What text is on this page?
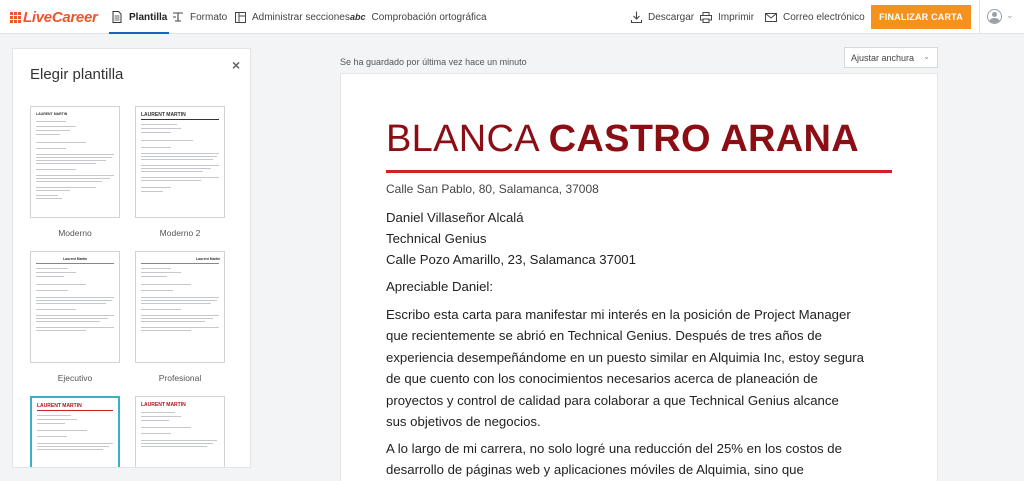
LiveCareer	Plantilla Formato Administrar secciones abc Comprobación ortográfica	Descargar Imprimir	Correo electrónico	FINALIZAR CARTA	⌄
Elegir plantilla
×
LAURENT MARTIN
Moderno
LAURENT MARTIN
Moderno 2
Laurent Martin
Ejecutivo
Laurent Martin
Profesional
LAURENT MARTIN	LAURENT MARTIN
Se ha guardado por última vez hace un minuto	Ajustar anchura ⌄
BLANCA CASTRO ARANA
Calle San Pablo, 80, Salamanca, 37008
Daniel Villaseñor Alcalá
Technical Genius
Calle Pozo Amarillo, 23, Salamanca 37001
Apreciable Daniel:

Escribo esta carta para manifestar mi interés en la posición de Project Manager

que recientemente se abrió en Technical Genius. Después de tres años de

experiencia desempeñándome en un puesto similar en Alquimia Inc, estoy segura

de que cuento con los conocimientos necesarios acerca de planeación de

proyectos y control de calidad para colaborar a que Technical Genius alcance

sus objetivos de negocios.

A lo largo de mi carrera, no solo logré una reducción del 25% en los costos de

desarrollo de páginas web y aplicaciones móviles de Alquimia, sino que
